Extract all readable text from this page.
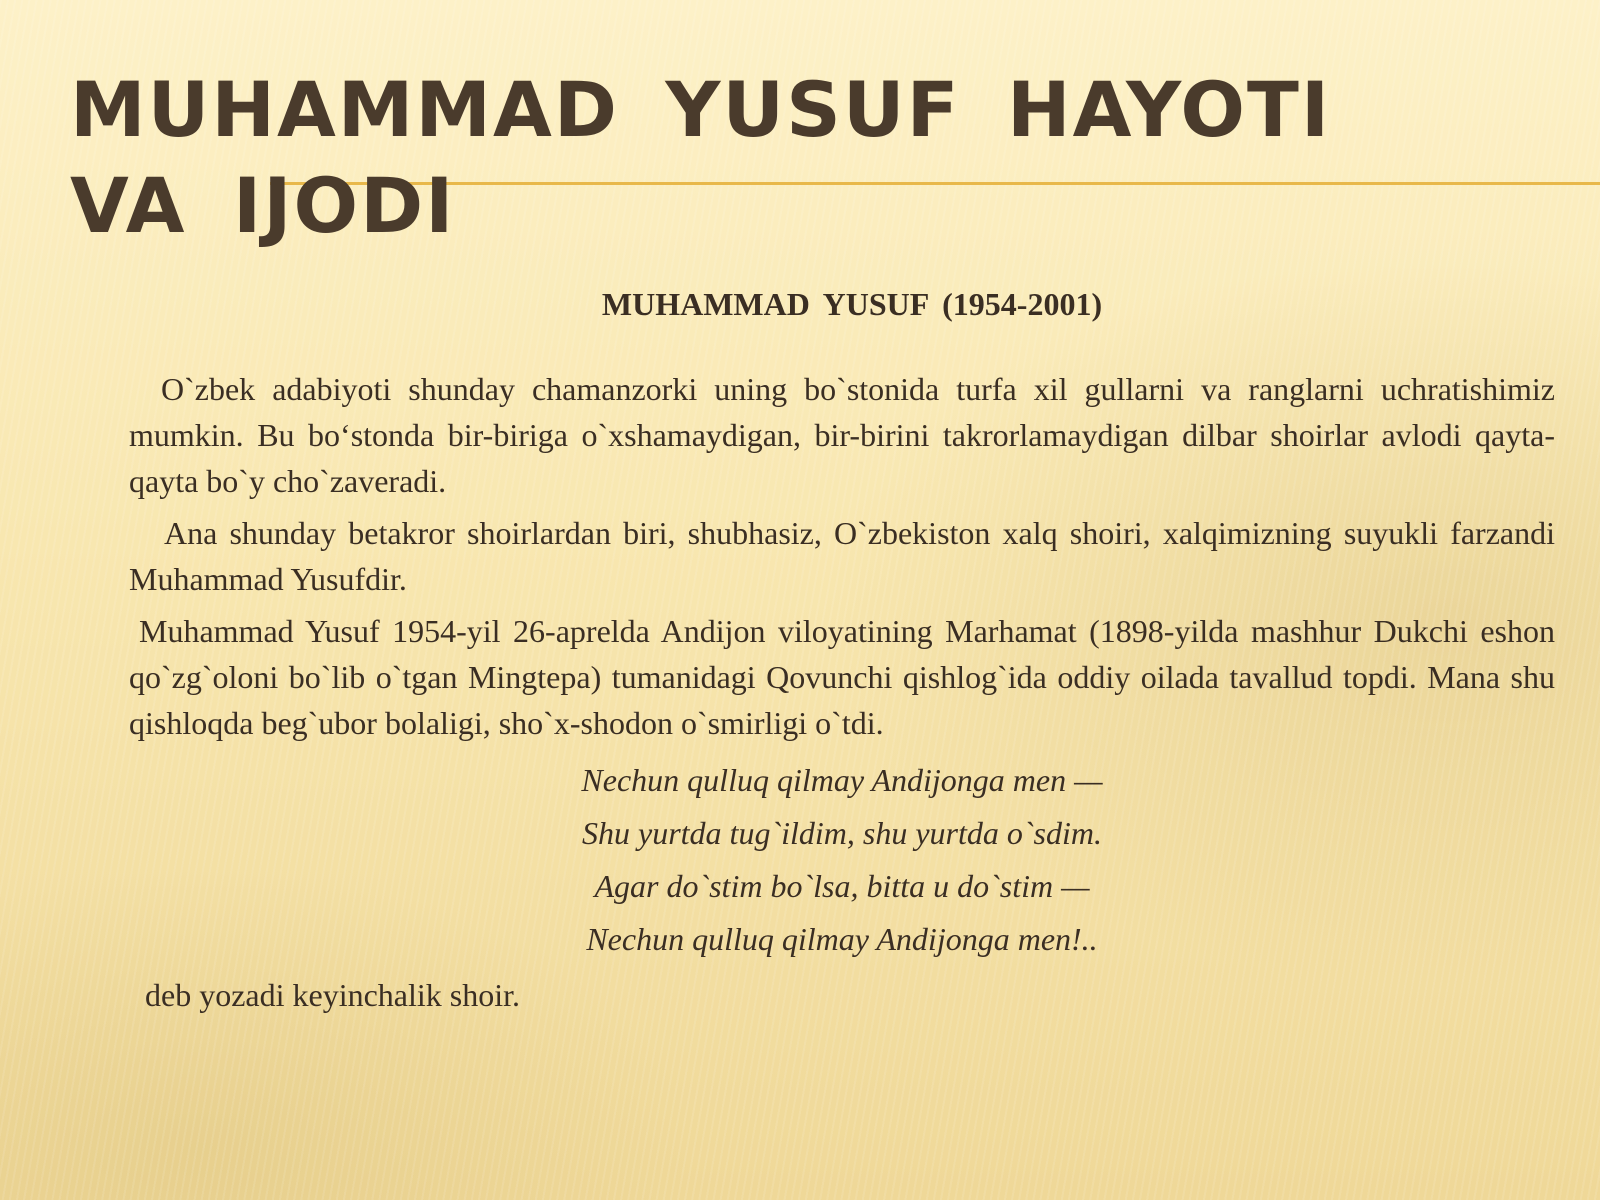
MUHAMMAD YUSUF HAYOTI VA IJODI

MUHAMMAD YUSUF (1954-2001)

O`zbek adabiyoti shunday chamanzorki uning bo`stonida turfa xil gullarni va ranglarni uchratishimiz mumkin. Bu bo‘stonda bir-biriga o`xshamaydigan, bir-birini takrorlamaydigan dilbar shoirlar avlodi qayta-qayta bo`y cho`zaveradi.

Ana shunday betakror shoirlardan biri, shubhasiz, O`zbekiston xalq shoiri, xalqimizning suyukli farzandi Muhammad Yusufdir.

Muhammad Yusuf 1954-yil 26-aprelda Andijon viloyatining Marhamat (1898-yilda mashhur Dukchi eshon qo`zg`oloni bo`lib o`tgan Mingtepa) tumanidagi Qovunchi qishlog`ida oddiy oilada tavallud topdi. Mana shu qishloqda beg`ubor bolaligi, sho`x-shodon o`smirligi o`tdi.

Nechun qulluq qilmay Andijonga men —

Shu yurtda tug`ildim, shu yurtda o`sdim.

Agar do`stim bo`lsa, bitta u do`stim —

Nechun qulluq qilmay Andijonga men!..

deb yozadi keyinchalik shoir.
